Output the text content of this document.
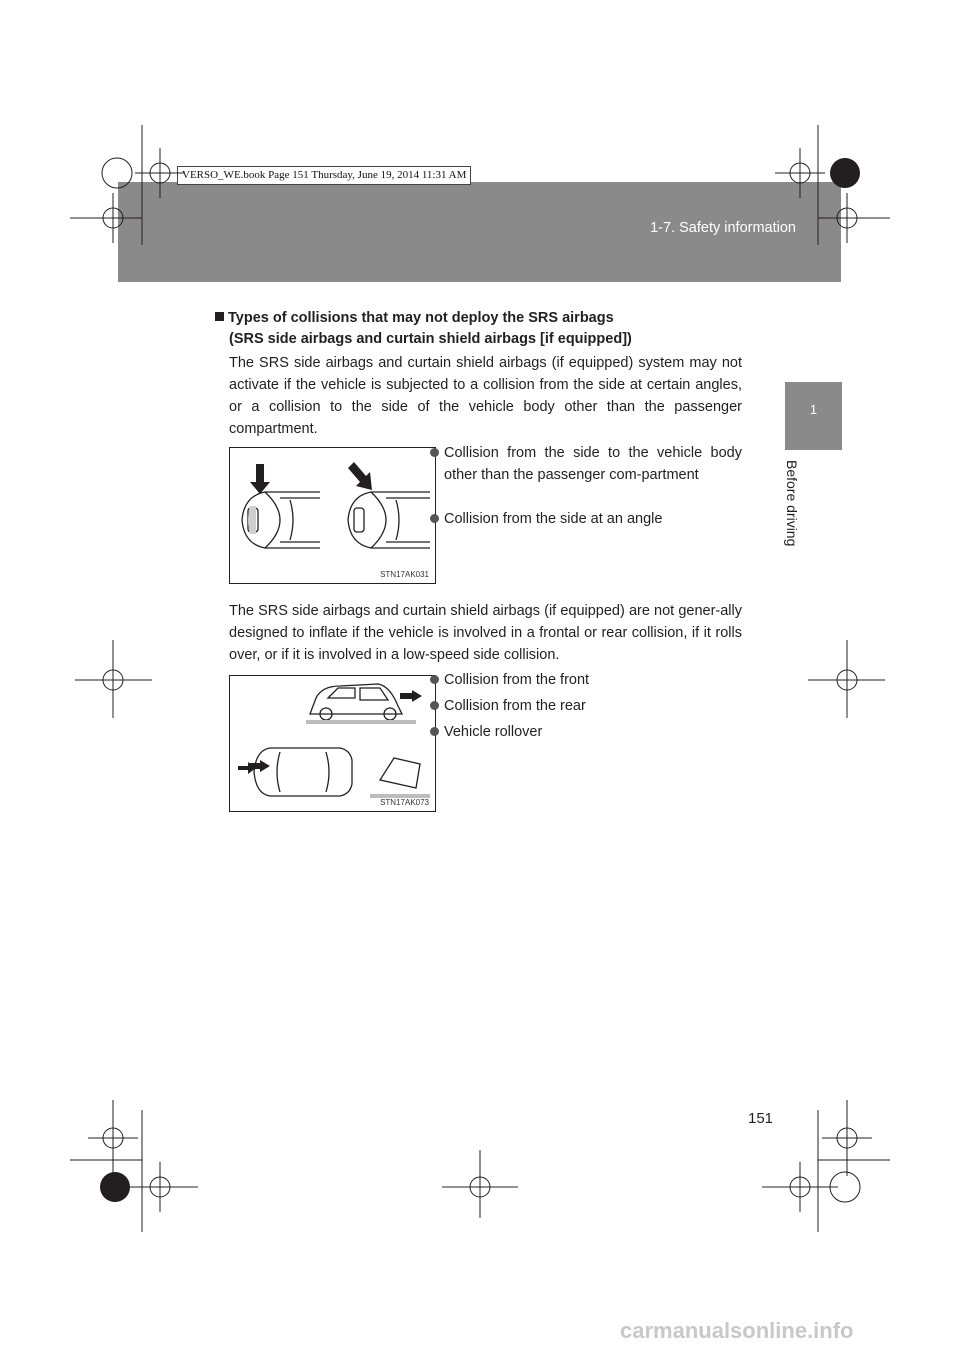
1-7. Safety information
VERSO_WE.book Page 151 Thursday, June 19, 2014 11:31 AM
1
Before driving
Types of collisions that may not deploy the SRS airbags
(SRS side airbags and curtain shield airbags [if equipped])
The SRS side airbags and curtain shield airbags (if equipped) system may not activate if the vehicle is subjected to a collision from the side at certain angles, or a collision to the side of the vehicle body other than the passenger compartment.
STN17AK031
Collision from the side to the vehicle body other than the passenger com-partment
Collision from the side at an angle
The SRS side airbags and curtain shield airbags (if equipped) are not gener-ally designed to inflate if the vehicle is involved in a frontal or rear collision, if it rolls over, or if it is involved in a low-speed side collision.
STN17AK073
Collision from the front
Collision from the rear
Vehicle rollover
151
carmanualsonline.info
